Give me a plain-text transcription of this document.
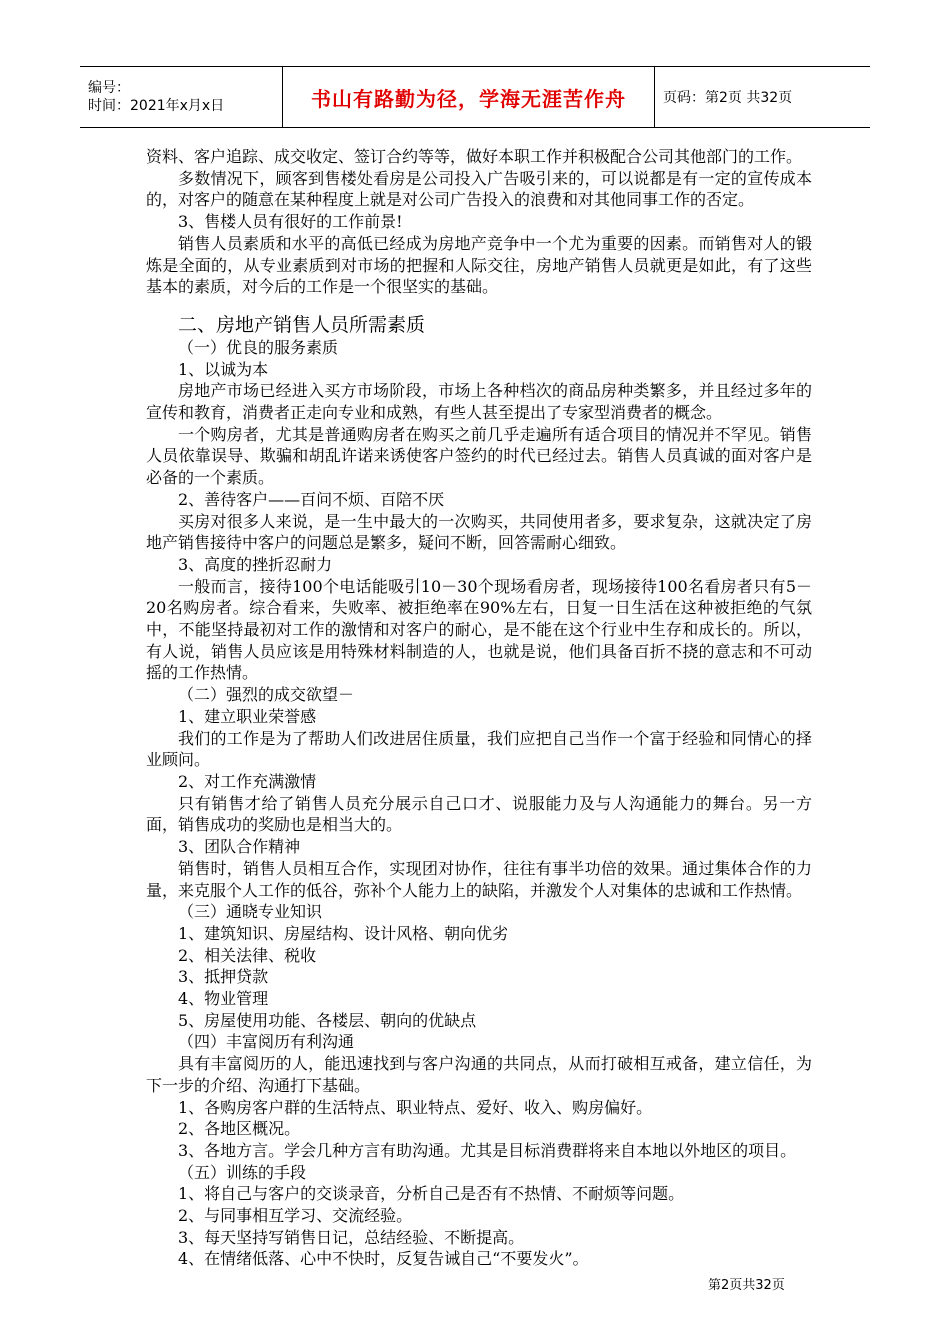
编号：
时间：2021年x月x日	书山有路勤为径，学海无涯苦作舟	页码：第2页 共32页

资料、客户追踪、成交收定、签订合约等等，做好本职工作并积极配合公司其他部门的工作。

多数情况下，顾客到售楼处看房是公司投入广告吸引来的，可以说都是有一定的宣传成本的，对客户的随意在某种程度上就是对公司广告投入的浪费和对其他同事工作的否定。

3、售楼人员有很好的工作前景!

销售人员素质和水平的高低已经成为房地产竞争中一个尤为重要的因素。而销售对人的锻炼是全面的，从专业素质到对市场的把握和人际交往，房地产销售人员就更是如此，有了这些基本的素质，对今后的工作是一个很坚实的基础。

二、房地产销售人员所需素质

（一）优良的服务素质

1、以诚为本

房地产市场已经进入买方市场阶段，市场上各种档次的商品房种类繁多，并且经过多年的宣传和教育，消费者正走向专业和成熟，有些人甚至提出了专家型消费者的概念。

一个购房者，尤其是普通购房者在购买之前几乎走遍所有适合项目的情况并不罕见。销售人员依靠误导、欺骗和胡乱许诺来诱使客户签约的时代已经过去。销售人员真诚的面对客户是必备的一个素质。

2、善待客户——百问不烦、百陪不厌

买房对很多人来说，是一生中最大的一次购买，共同使用者多，要求复杂，这就决定了房地产销售接待中客户的问题总是繁多，疑问不断，回答需耐心细致。

3、高度的挫折忍耐力

一般而言，接待100个电话能吸引10－30个现场看房者，现场接待100名看房者只有5－20名购房者。综合看来，失败率、被拒绝率在90%左右，日复一日生活在这种被拒绝的气氛中，不能坚持最初对工作的激情和对客户的耐心，是不能在这个行业中生存和成长的。所以，有人说，销售人员应该是用特殊材料制造的人，也就是说，他们具备百折不挠的意志和不可动摇的工作热情。

（二）强烈的成交欲望－

1、建立职业荣誉感

我们的工作是为了帮助人们改进居住质量，我们应把自己当作一个富于经验和同情心的择业顾问。

2、对工作充满激情

只有销售才给了销售人员充分展示自己口才、说服能力及与人沟通能力的舞台。另一方面，销售成功的奖励也是相当大的。

3、团队合作精神

销售时，销售人员相互合作，实现团对协作，往往有事半功倍的效果。通过集体合作的力量，来克服个人工作的低谷，弥补个人能力上的缺陷，并激发个人对集体的忠诚和工作热情。

（三）通晓专业知识

1、建筑知识、房屋结构、设计风格、朝向优劣

2、相关法律、税收

3、抵押贷款

4、物业管理

5、房屋使用功能、各楼层、朝向的优缺点

（四）丰富阅历有利沟通

具有丰富阅历的人，能迅速找到与客户沟通的共同点，从而打破相互戒备，建立信任，为下一步的介绍、沟通打下基础。

1、各购房客户群的生活特点、职业特点、爱好、收入、购房偏好。

2、各地区概况。

3、各地方言。学会几种方言有助沟通。尤其是目标消费群将来自本地以外地区的项目。

（五）训练的手段

1、将自己与客户的交谈录音，分析自己是否有不热情、不耐烦等问题。

2、与同事相互学习、交流经验。

3、每天坚持写销售日记，总结经验、不断提高。

4、在情绪低落、心中不快时，反复告诫自己“不要发火”。

第2页共32页
